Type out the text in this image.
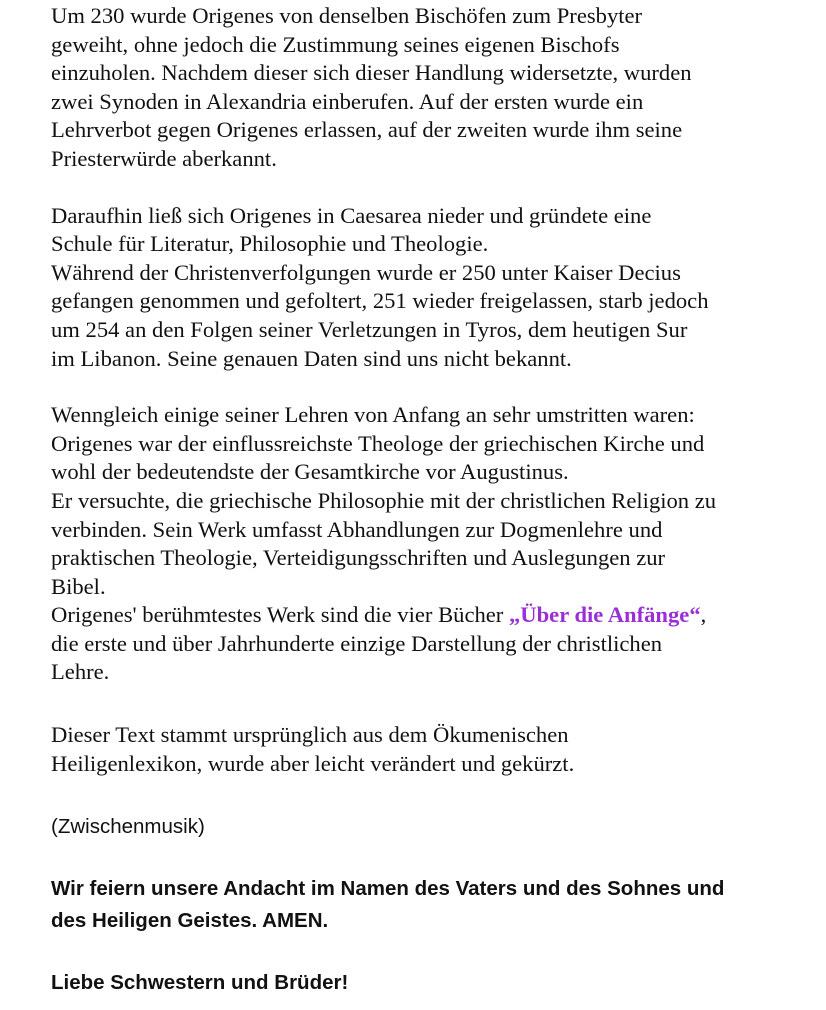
Um 230 wurde Origenes von denselben Bischöfen zum Presbyter
geweiht, ohne jedoch die Zustimmung seines eigenen Bischofs
einzuholen. Nachdem dieser sich dieser Handlung widersetzte, wurden
zwei Synoden in Alexandria einberufen. Auf der ersten wurde ein
Lehrverbot gegen Origenes erlassen, auf der zweiten wurde ihm seine
Priesterwürde aberkannt.

Daraufhin ließ sich Origenes in Caesarea nieder und gründete eine
Schule für Literatur, Philosophie und Theologie.
Während der Christenverfolgungen wurde er 250 unter Kaiser Decius
gefangen genommen und gefoltert, 251 wieder freigelassen, starb jedoch
um 254 an den Folgen seiner Verletzungen in Tyros, dem heutigen Sur
im Libanon. Seine genauen Daten sind uns nicht bekannt.

Wenngleich einige seiner Lehren von Anfang an sehr umstritten waren:
Origenes war der einflussreichste Theologe der griechischen Kirche und
wohl der bedeutendste der Gesamtkirche vor Augustinus.
Er versuchte, die griechische Philosophie mit der christlichen Religion zu
verbinden. Sein Werk umfasst Abhandlungen zur Dogmenlehre und
praktischen Theologie, Verteidigungsschriften und Auslegungen zur
Bibel.
Origenes' berühmtestes Werk sind die vier Bücher „Über die Anfänge“,
die erste und über Jahrhunderte einzige Darstellung der christlichen
Lehre.

Dieser Text stammt ursprünglich aus dem Ökumenischen
Heiligenlexikon, wurde aber leicht verändert und gekürzt.

(Zwischenmusik)

Wir feiern unsere Andacht im Namen des Vaters und des Sohnes und
des Heiligen Geistes. AMEN.

Liebe Schwestern und Brüder!
